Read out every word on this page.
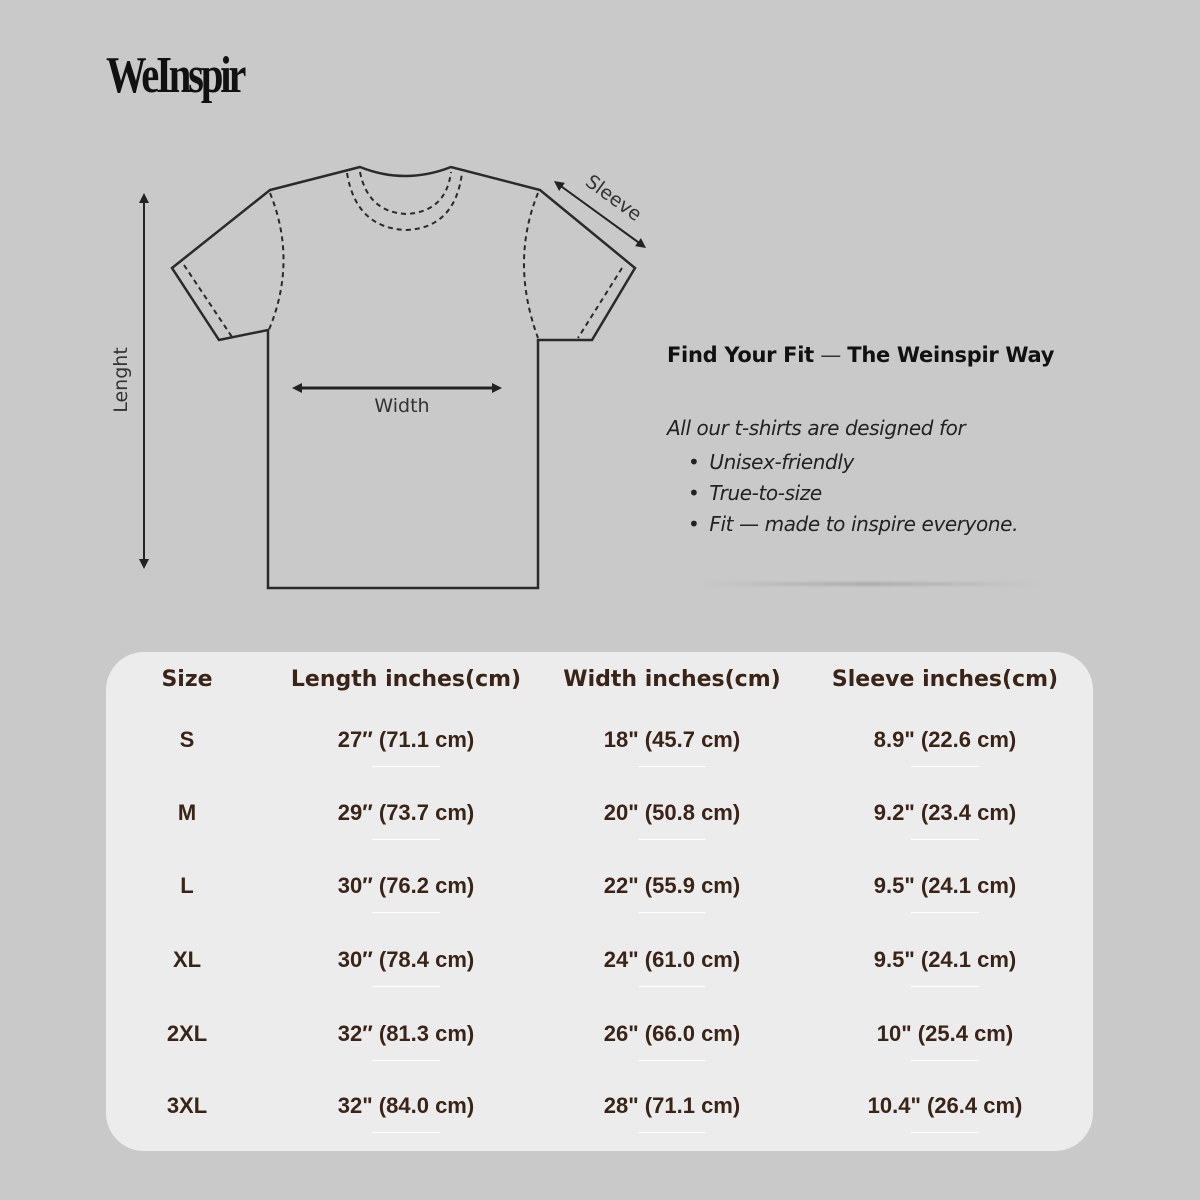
WeInspir
Lenght	Width
Sleeve
Find Your Fit — The Weinspir Way
All our t-shirts are designed for
• Unisex-friendly
• True-to-size
• Fit — made to inspire everyone.
Size	Length inches(cm) Width inches(cm) Sleeve inches(cm)
S	27″ (71.1 cm)	18" (45.7 cm)	8.9" (22.6 cm)
M	29″ (73.7 cm)	20" (50.8 cm)	9.2" (23.4 cm)
L	30″ (76.2 cm)	22" (55.9 cm)	9.5" (24.1 cm)
XL	30″ (78.4 cm)	24" (61.0 cm)	9.5" (24.1 cm)
2XL	32″ (81.3 cm)	26" (66.0 cm)	10" (25.4 cm)
3XL	32" (84.0 cm)	28" (71.1 cm)	10.4" (26.4 cm)
